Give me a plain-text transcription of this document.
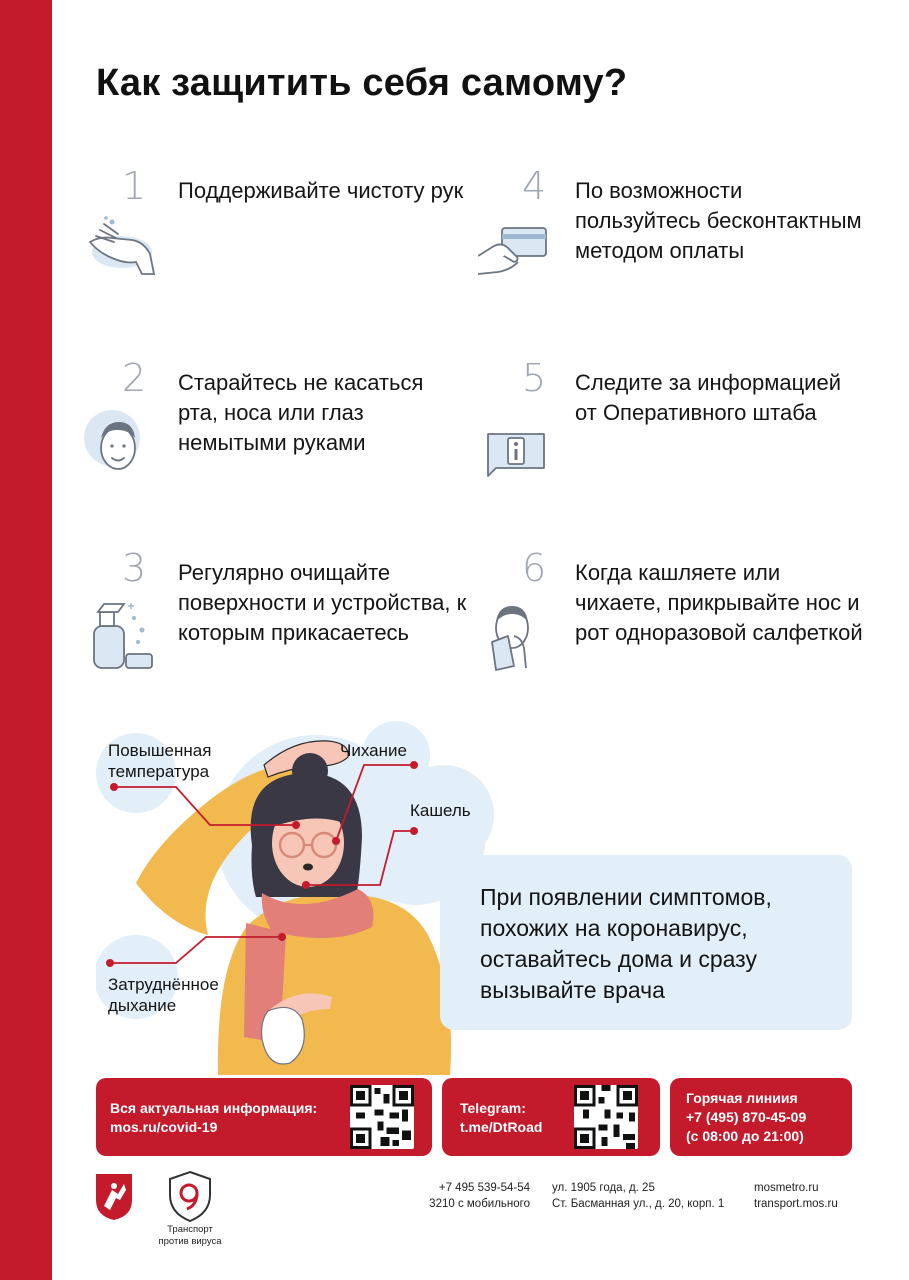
Как защитить себя самому?
1 Поддерживайте чистоту рук
2 Старайтесь не касаться рта, носа или глаз немытыми руками
3 Регулярно очищайте поверхности и устройства, к которым прикасаетесь
4 По возможности пользуйтесь бесконтактным методом оплаты
5 Следите за информацией от Оперативного штаба
6 Когда кашляете или чихаете, прикрывайте нос и рот одноразовой салфеткой
Повышенная
температура
Чихание
Кашель
Затруднённое
дыхание
При появлении симптомов, похожих на коронавирус, оставайтесь дома и сразу вызывайте врача
Вся актуальная информация:
mos.ru/covid-19
Telegram:
t.me/DtRoad
Горячая линиия
+7 (495) 870-45-09
(с 08:00 до 21:00)
Транспорт
против вируса
+7 495 539-54-54
3210 с мобильного
ул. 1905 года, д. 25
Ст. Басманная ул., д. 20, корп. 1
mosmetro.ru
transport.mos.ru
